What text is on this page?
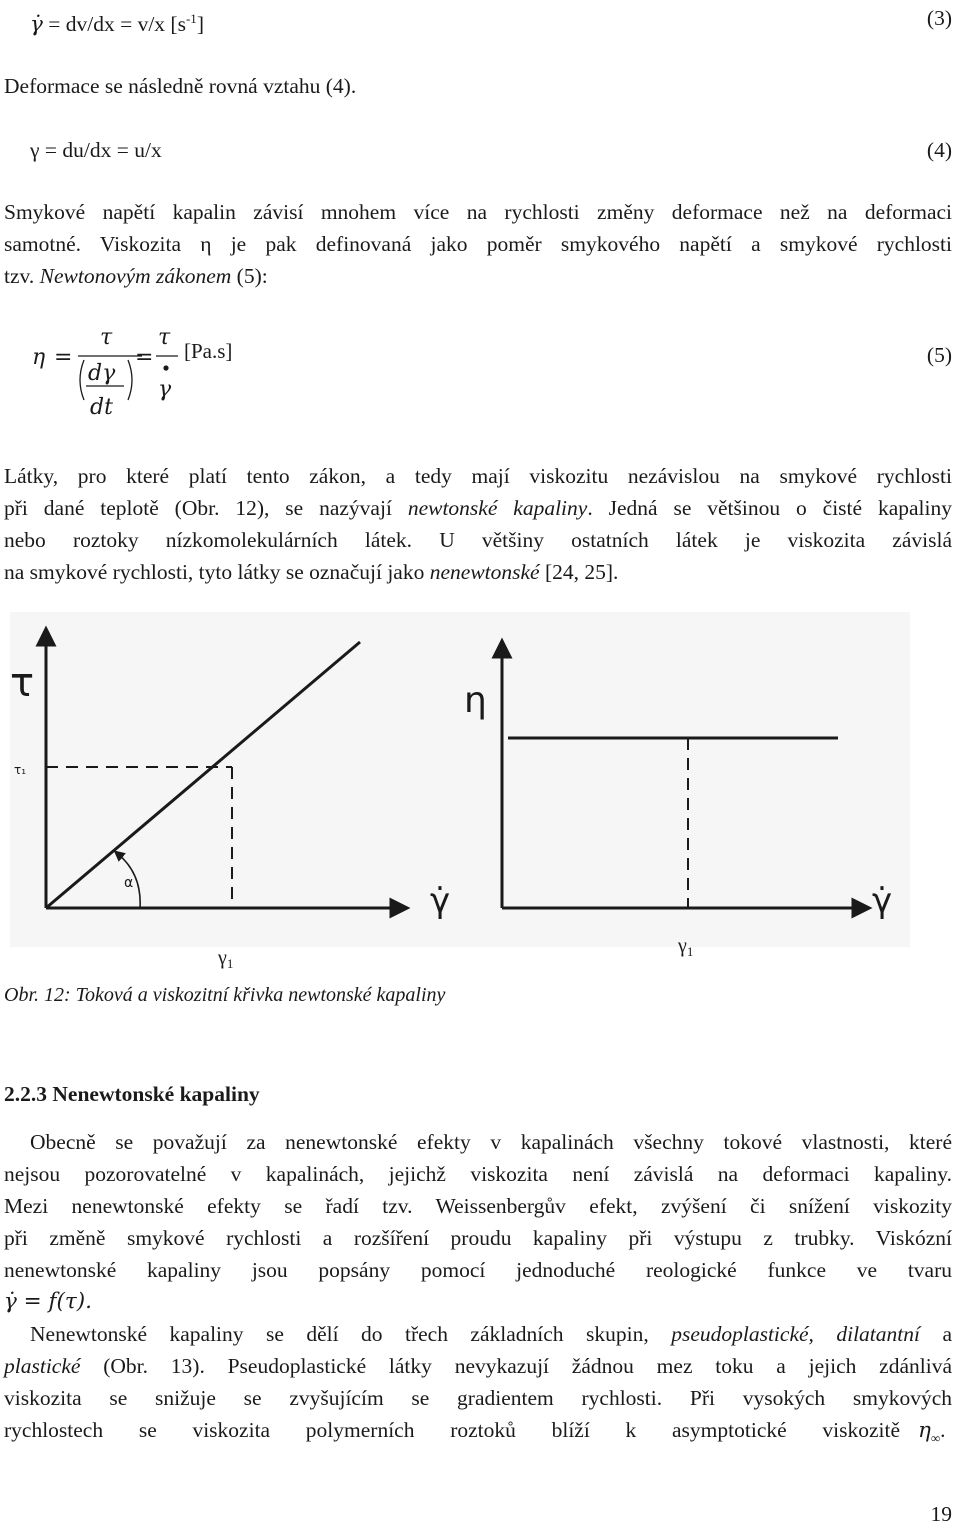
γ̇ = dv/dx = v/x $[s^{-1}]$	(3)
Deformace se následně rovná vztahu (4).
γ = du/dx = u/x	(4)
Smykové napětí kapalin závisí mnohem více na rychlosti změny deformace než na deformaci
samotné. Viskozita η je pak definovaná jako poměr smykového napětí a smykové rychlosti
tzv. Newtonovým zákonem (5):
η =
τ
dγ
dt
=
τ
γ
[Pa.s]	(5)
Látky, pro které platí tento zákon, a tedy mají viskozitu nezávislou na smykové rychlosti
při dané teplotě (Obr. 12), se nazývají newtonské kapaliny. Jedná se většinou o čisté kapaliny
nebo roztoky nízkomolekulárních látek. U většiny ostatních látek je viskozita závislá
na smykové rychlosti, tyto látky se označují jako nenewtonské [24, 25].
τ
τ₁
α	γ̇
$\gamma_1$
η
γ̇
$\gamma_1$
Obr. 12: Toková a viskozitní křivka newtonské kapaliny
2.2.3 Nenewtonské kapaliny
Obecně se považují za nenewtonské efekty v kapalinách všechny tokové vlastnosti, které
nejsou pozorovatelné v kapalinách, jejichž viskozita není závislá na deformaci kapaliny.
Mezi nenewtonské efekty se řadí tzv. Weissenbergův efekt, zvýšení či snížení viskozity
při změně smykové rychlosti a rozšíření proudu kapaliny při výstupu z trubky. Viskózní
nenewtonské kapaliny jsou popsány pomocí jednoduché reologické funkce ve tvaru
γ̇ = f(τ).
Nenewtonské kapaliny se dělí do třech základních skupin, pseudoplastické, dilatantní a
plastické (Obr. 13). Pseudoplastické látky nevykazují žádnou mez toku a jejich zdánlivá
viskozita se snižuje se zvyšujícím se gradientem rychlosti. Při vysokých smykových
rychlostech se viskozita polymerních roztoků blíží k asymptotické viskozitě $\eta_\infty$.
19
